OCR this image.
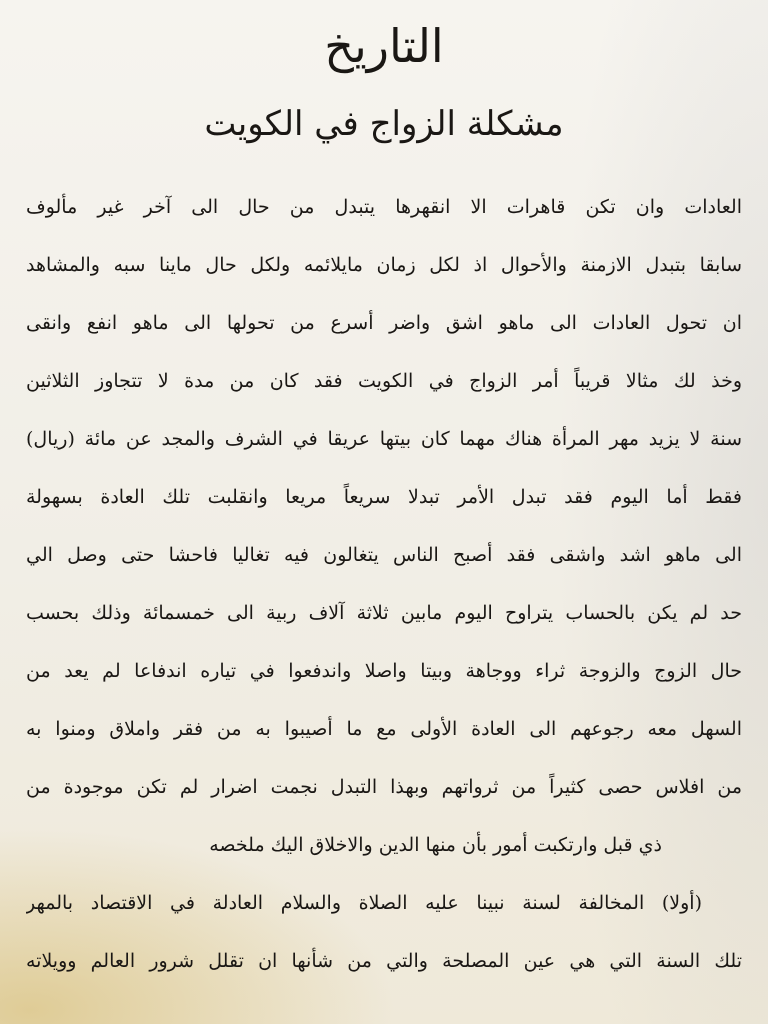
التاريخ
مشكلة الزواج في الكويت
العادات وان تكن قاهرات الا انقهرها يتبدل من حال الى آخر غير مألوف
سابقا بتبدل الازمنة والأحوال اذ لكل زمان مايلائمه ولكل حال ماينا سبه والمشاهد
ان تحول العادات الى ماهو اشق واضر أسرع من تحولها الى ماهو انفع وانقى
وخذ لك مثالا قريباً أمر الزواج في الكويت فقد كان من مدة لا تتجاوز الثلاثين
سنة لا يزيد مهر المرأة هناك مهما كان بيتها عريقا في الشرف والمجد عن مائة (ريال)
فقط أما اليوم فقد تبدل الأمر تبدلا سريعاً مريعا وانقلبت تلك العادة بسهولة
الى ماهو اشد واشقى فقد أصبح الناس يتغالون فيه تغاليا فاحشا حتى وصل الي
حد لم يكن بالحساب يتراوح اليوم مابين ثلاثة آلاف ربية الى خمسمائة وذلك بحسب
حال الزوج والزوجة ثراء ووجاهة وبيتا واصلا واندفعوا في تياره اندفاعا لم يعد من
السهل معه رجوعهم الى العادة الأولى مع ما أصيبوا به من فقر واملاق ومنوا به
من افلاس حصى كثيراً من ثرواتهم وبهذا التبدل نجمت اضرار لم تكن موجودة من
ذي قبل وارتكبت أمور بأن منها الدين والاخلاق اليك ملخصه
(أولا) المخالفة لسنة نبينا عليه الصلاة والسلام العادلة في الاقتصاد بالمهر
تلك السنة التي هي عين المصلحة والتي من شأنها ان تقلل شرور العالم وويلاته
